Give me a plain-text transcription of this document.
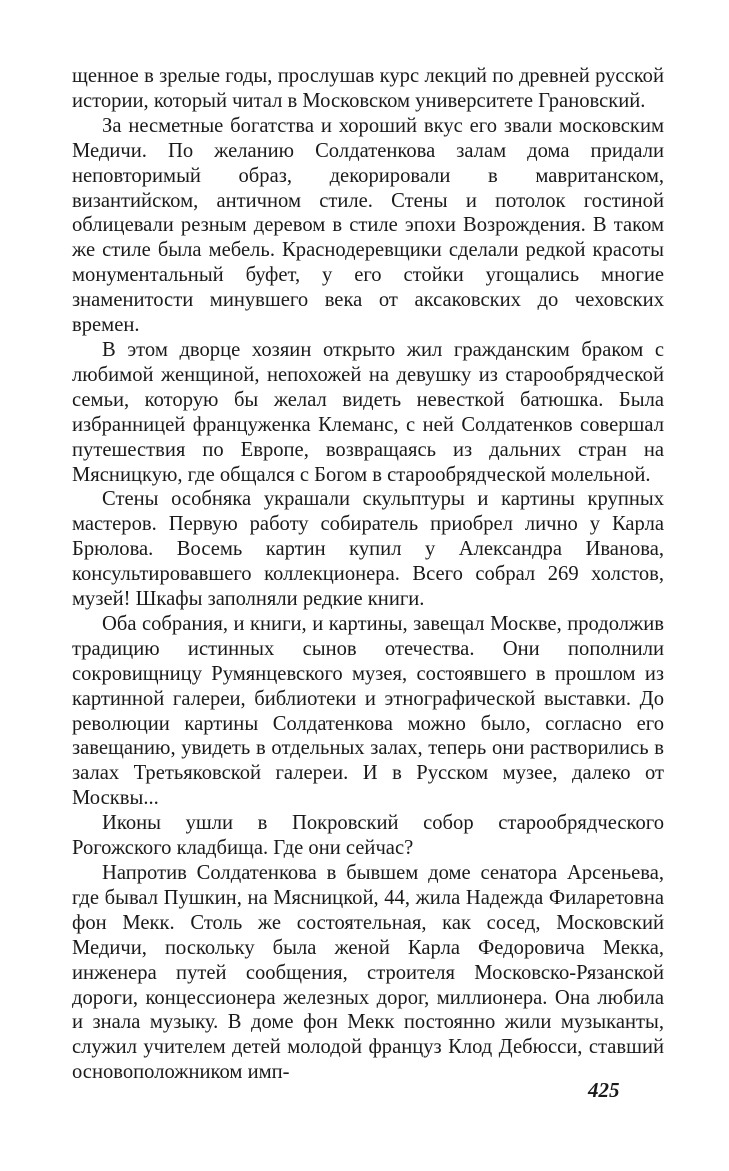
щенное в зрелые годы, прослушав курс лекций по древней русской истории, который читал в Московском университете Грановский.

За несметные богатства и хороший вкус его звали московским Медичи. По желанию Солдатенкова залам дома придали неповторимый образ, декорировали в мавританском, византийском, античном стиле. Стены и потолок гостиной облицевали резным деревом в стиле эпохи Возрождения. В таком же стиле была мебель. Краснодеревщики сделали редкой красоты монументальный буфет, у его стойки угощались многие знаменитости минувшего века от аксаковских до чеховских времен.

В этом дворце хозяин открыто жил гражданским браком с любимой женщиной, непохожей на девушку из старообрядческой семьи, которую бы желал видеть невесткой батюшка. Была избранницей француженка Клеманс, с ней Солдатенков совершал путешествия по Европе, возвращаясь из дальних стран на Мясницкую, где общался с Богом в старообрядческой молельной.

Стены особняка украшали скульптуры и картины крупных мастеров. Первую работу собиратель приобрел лично у Карла Брюлова. Восемь картин купил у Александра Иванова, консультировавшего коллекционера. Всего собрал 269 холстов, музей! Шкафы заполняли редкие книги.

Оба собрания, и книги, и картины, завещал Москве, продолжив традицию истинных сынов отечества. Они пополнили сокровищницу Румянцевского музея, состоявшего в прошлом из картинной галереи, библиотеки и этнографической выставки. До революции картины Солдатенкова можно было, согласно его завещанию, увидеть в отдельных залах, теперь они растворились в залах Третьяковской галереи. И в Русском музее, далеко от Москвы...

Иконы ушли в Покровский собор старообрядческого Рогожского кладбища. Где они сейчас?

Напротив Солдатенкова в бывшем доме сенатора Арсеньева, где бывал Пушкин, на Мясницкой, 44, жила Надежда Филаретовна фон Мекк. Столь же состоятельная, как сосед, Московский Медичи, поскольку была женой Карла Федоровича Мекка, инженера путей сообщения, строителя Московско-Рязанской дороги, концессионера железных дорог, миллионера. Она любила и знала музыку. В доме фон Мекк постоянно жили музыканты, служил учителем детей молодой француз Клод Дебюсси, ставший основоположником имп-

425
